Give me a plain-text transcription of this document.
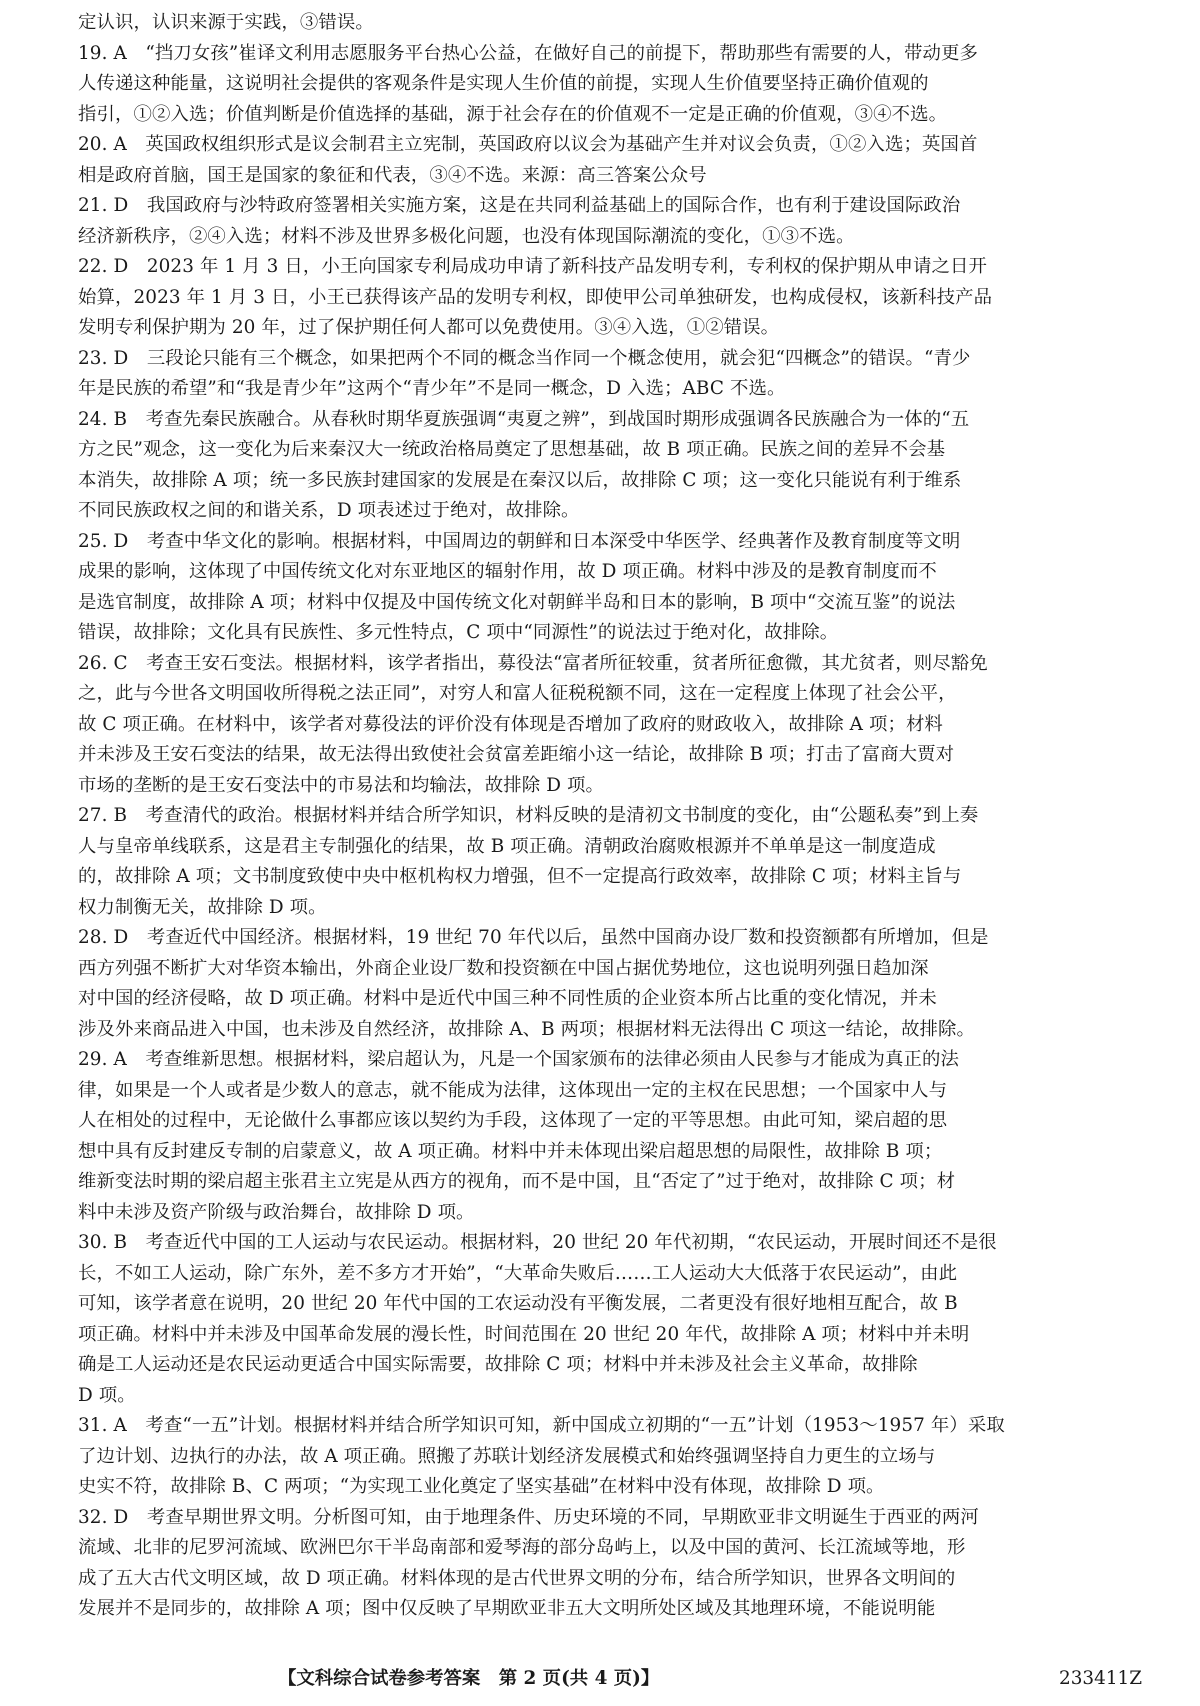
定认识，认识来源于实践，③错误。
19. A　“挡刀女孩”崔译文利用志愿服务平台热心公益，在做好自己的前提下，帮助那些有需要的人，带动更多
人传递这种能量，这说明社会提供的客观条件是实现人生价值的前提，实现人生价值要坚持正确价值观的
指引，①②入选；价值判断是价值选择的基础，源于社会存在的价值观不一定是正确的价值观，③④不选。
20. A　英国政权组织形式是议会制君主立宪制，英国政府以议会为基础产生并对议会负责，①②入选；英国首
相是政府首脑，国王是国家的象征和代表，③④不选。来源：高三答案公众号
21. D　我国政府与沙特政府签署相关实施方案，这是在共同利益基础上的国际合作，也有利于建设国际政治
经济新秩序，②④入选；材料不涉及世界多极化问题，也没有体现国际潮流的变化，①③不选。
22. D　2023 年 1 月 3 日，小王向国家专利局成功申请了新科技产品发明专利，专利权的保护期从申请之日开
始算，2023 年 1 月 3 日，小王已获得该产品的发明专利权，即使甲公司单独研发，也构成侵权，该新科技产品
发明专利保护期为 20 年，过了保护期任何人都可以免费使用。③④入选，①②错误。
23. D　三段论只能有三个概念，如果把两个不同的概念当作同一个概念使用，就会犯“四概念”的错误。“青少
年是民族的希望”和“我是青少年”这两个“青少年”不是同一概念，D 入选；ABC 不选。
24. B　考查先秦民族融合。从春秋时期华夏族强调“夷夏之辨”，到战国时期形成强调各民族融合为一体的“五
方之民”观念，这一变化为后来秦汉大一统政治格局奠定了思想基础，故 B 项正确。民族之间的差异不会基
本消失，故排除 A 项；统一多民族封建国家的发展是在秦汉以后，故排除 C 项；这一变化只能说有利于维系
不同民族政权之间的和谐关系，D 项表述过于绝对，故排除。
25. D　考查中华文化的影响。根据材料，中国周边的朝鲜和日本深受中华医学、经典著作及教育制度等文明
成果的影响，这体现了中国传统文化对东亚地区的辐射作用，故 D 项正确。材料中涉及的是教育制度而不
是选官制度，故排除 A 项；材料中仅提及中国传统文化对朝鲜半岛和日本的影响，B 项中“交流互鉴”的说法
错误，故排除；文化具有民族性、多元性特点，C 项中“同源性”的说法过于绝对化，故排除。
26. C　考查王安石变法。根据材料，该学者指出，募役法“富者所征较重，贫者所征愈微，其尤贫者，则尽豁免
之，此与今世各文明国收所得税之法正同”，对穷人和富人征税税额不同，这在一定程度上体现了社会公平，
故 C 项正确。在材料中，该学者对募役法的评价没有体现是否增加了政府的财政收入，故排除 A 项；材料
并未涉及王安石变法的结果，故无法得出致使社会贫富差距缩小这一结论，故排除 B 项；打击了富商大贾对
市场的垄断的是王安石变法中的市易法和均输法，故排除 D 项。
27. B　考查清代的政治。根据材料并结合所学知识，材料反映的是清初文书制度的变化，由“公题私奏”到上奏
人与皇帝单线联系，这是君主专制强化的结果，故 B 项正确。清朝政治腐败根源并不单单是这一制度造成
的，故排除 A 项；文书制度致使中央中枢机构权力增强，但不一定提高行政效率，故排除 C 项；材料主旨与
权力制衡无关，故排除 D 项。
28. D　考查近代中国经济。根据材料，19 世纪 70 年代以后，虽然中国商办设厂数和投资额都有所增加，但是
西方列强不断扩大对华资本输出，外商企业设厂数和投资额在中国占据优势地位，这也说明列强日趋加深
对中国的经济侵略，故 D 项正确。材料中是近代中国三种不同性质的企业资本所占比重的变化情况，并未
涉及外来商品进入中国，也未涉及自然经济，故排除 A、B 两项；根据材料无法得出 C 项这一结论，故排除。
29. A　考查维新思想。根据材料，梁启超认为，凡是一个国家颁布的法律必须由人民参与才能成为真正的法
律，如果是一个人或者是少数人的意志，就不能成为法律，这体现出一定的主权在民思想；一个国家中人与
人在相处的过程中，无论做什么事都应该以契约为手段，这体现了一定的平等思想。由此可知，梁启超的思
想中具有反封建反专制的启蒙意义，故 A 项正确。材料中并未体现出梁启超思想的局限性，故排除 B 项；
维新变法时期的梁启超主张君主立宪是从西方的视角，而不是中国，且“否定了”过于绝对，故排除 C 项；材
料中未涉及资产阶级与政治舞台，故排除 D 项。
30. B　考查近代中国的工人运动与农民运动。根据材料，20 世纪 20 年代初期，“农民运动，开展时间还不是很
长，不如工人运动，除广东外，差不多方才开始”，“大革命失败后……工人运动大大低落于农民运动”，由此
可知，该学者意在说明，20 世纪 20 年代中国的工农运动没有平衡发展，二者更没有很好地相互配合，故 B
项正确。材料中并未涉及中国革命发展的漫长性，时间范围在 20 世纪 20 年代，故排除 A 项；材料中并未明
确是工人运动还是农民运动更适合中国实际需要，故排除 C 项；材料中并未涉及社会主义革命，故排除
D 项。
31. A　考查“一五”计划。根据材料并结合所学知识可知，新中国成立初期的“一五”计划（1953～1957 年）采取
了边计划、边执行的办法，故 A 项正确。照搬了苏联计划经济发展模式和始终强调坚持自力更生的立场与
史实不符，故排除 B、C 两项；“为实现工业化奠定了坚实基础”在材料中没有体现，故排除 D 项。
32. D　考查早期世界文明。分析图可知，由于地理条件、历史环境的不同，早期欧亚非文明诞生于西亚的两河
流域、北非的尼罗河流域、欧洲巴尔干半岛南部和爱琴海的部分岛屿上，以及中国的黄河、长江流域等地，形
成了五大古代文明区域，故 D 项正确。材料体现的是古代世界文明的分布，结合所学知识，世界各文明间的
发展并不是同步的，故排除 A 项；图中仅反映了早期欧亚非五大文明所处区域及其地理环境，不能说明能
【文科综合试卷参考答案　第 2 页(共 4 页)】	233411Z
